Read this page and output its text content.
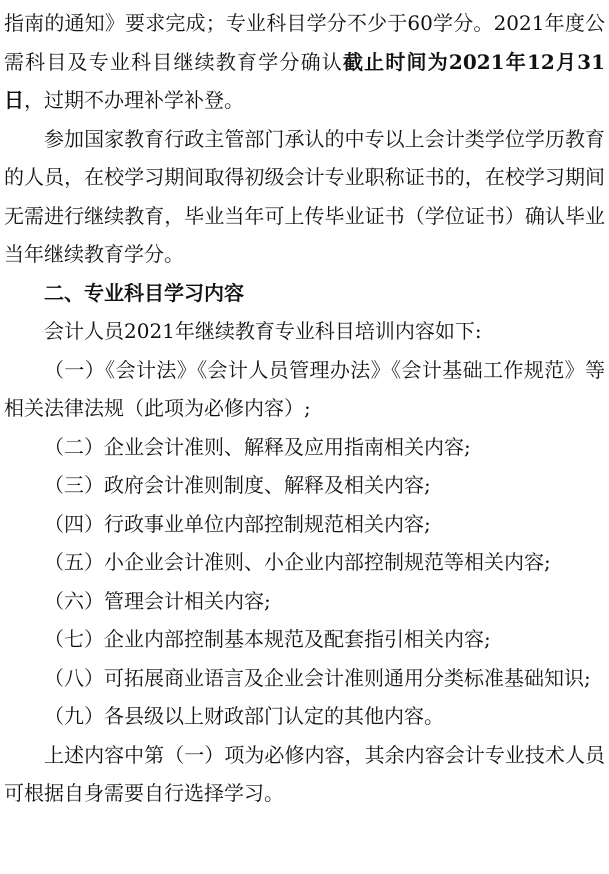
指南的通知》要求完成；专业科目学分不少于60学分。2021年度公需科目及专业科目继续教育学分确认截止时间为2021年12月31日，过期不办理补学补登。

参加国家教育行政主管部门承认的中专以上会计类学位学历教育的人员，在校学习期间取得初级会计专业职称证书的，在校学习期间无需进行继续教育，毕业当年可上传毕业证书（学位证书）确认毕业当年继续教育学分。

二、专业科目学习内容

会计人员2021年继续教育专业科目培训内容如下:

（一）《会计法》《会计人员管理办法》《会计基础工作规范》等相关法律法规（此项为必修内容）;

（二）企业会计准则、解释及应用指南相关内容;

（三）政府会计准则制度、解释及相关内容;

（四）行政事业单位内部控制规范相关内容;

（五）小企业会计准则、小企业内部控制规范等相关内容;

（六）管理会计相关内容;

（七）企业内部控制基本规范及配套指引相关内容;

（八）可拓展商业语言及企业会计准则通用分类标准基础知识;

（九）各县级以上财政部门认定的其他内容。

上述内容中第（一）项为必修内容，其余内容会计专业技术人员可根据自身需要自行选择学习。
